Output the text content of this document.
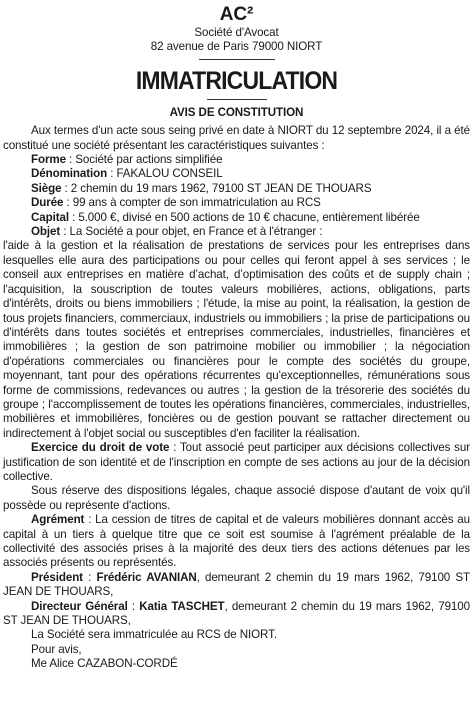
AC²

Société d'Avocat

82 avenue de Paris 79000 NIORT

IMMATRICULATION

AVIS DE CONSTITUTION

Aux termes d'un acte sous seing privé en date à NIORT du 12 septembre 2024, il a été constitué une société présentant les caractéristiques suivantes :

Forme : Société par actions simplifiée

Dénomination : FAKALOU CONSEIL

Siège : 2 chemin du 19 mars 1962, 79100 ST JEAN DE THOUARS

Durée : 99 ans à compter de son immatriculation au RCS

Capital : 5.000 €, divisé en 500 actions de 10 € chacune, entièrement libérée

Objet : La Société a pour objet, en France et à l'étranger :

l'aide à la gestion et la réalisation de prestations de services pour les entreprises dans lesquelles elle aura des participations ou pour celles qui feront appel à ses services ; le conseil aux entreprises en matière d’achat, d’optimisation des coûts et de supply chain ; l'acquisition, la souscription de toutes valeurs mobilières, actions, obligations, parts d'intérêts, droits ou biens immobiliers ; l'étude, la mise au point, la réalisation, la gestion de tous projets financiers, commerciaux, industriels ou immobiliers ; la prise de participations ou d'intérêts dans toutes sociétés et entreprises commerciales, industrielles, financières et immobilières ; la gestion de son patrimoine mobilier ou immobilier ; la négociation d'opérations commerciales ou financières pour le compte des sociétés du groupe, moyennant, tant pour des opérations récurrentes qu'exceptionnelles, rémunérations sous forme de commissions, redevances ou autres ; la gestion de la trésorerie des sociétés du groupe ; l'accomplissement de toutes les opérations financières, commerciales, industrielles, mobilières et immobilières, foncières ou de gestion pouvant se rattacher directement ou indirectement à l'objet social ou susceptibles d'en faciliter la réalisation.

Exercice du droit de vote : Tout associé peut participer aux décisions collectives sur justification de son identité et de l'inscription en compte de ses actions au jour de la décision collective.

Sous réserve des dispositions légales, chaque associé dispose d'autant de voix qu'il possède ou représente d'actions.

Agrément : La cession de titres de capital et de valeurs mobilières donnant accès au capital à un tiers à quelque titre que ce soit est soumise à l'agrément préalable de la collectivité des associés prises à la majorité des deux tiers des actions détenues par les associés présents ou représentés.

Président : Frédéric AVANIAN, demeurant 2 chemin du 19 mars 1962, 79100 ST JEAN DE THOUARS,

Directeur Général : Katia TASCHET, demeurant 2 chemin du 19 mars 1962, 79100 ST JEAN DE THOUARS,

La Société sera immatriculée au RCS de NIORT.

Pour avis,

Me Alice CAZABON-CORDÉ
